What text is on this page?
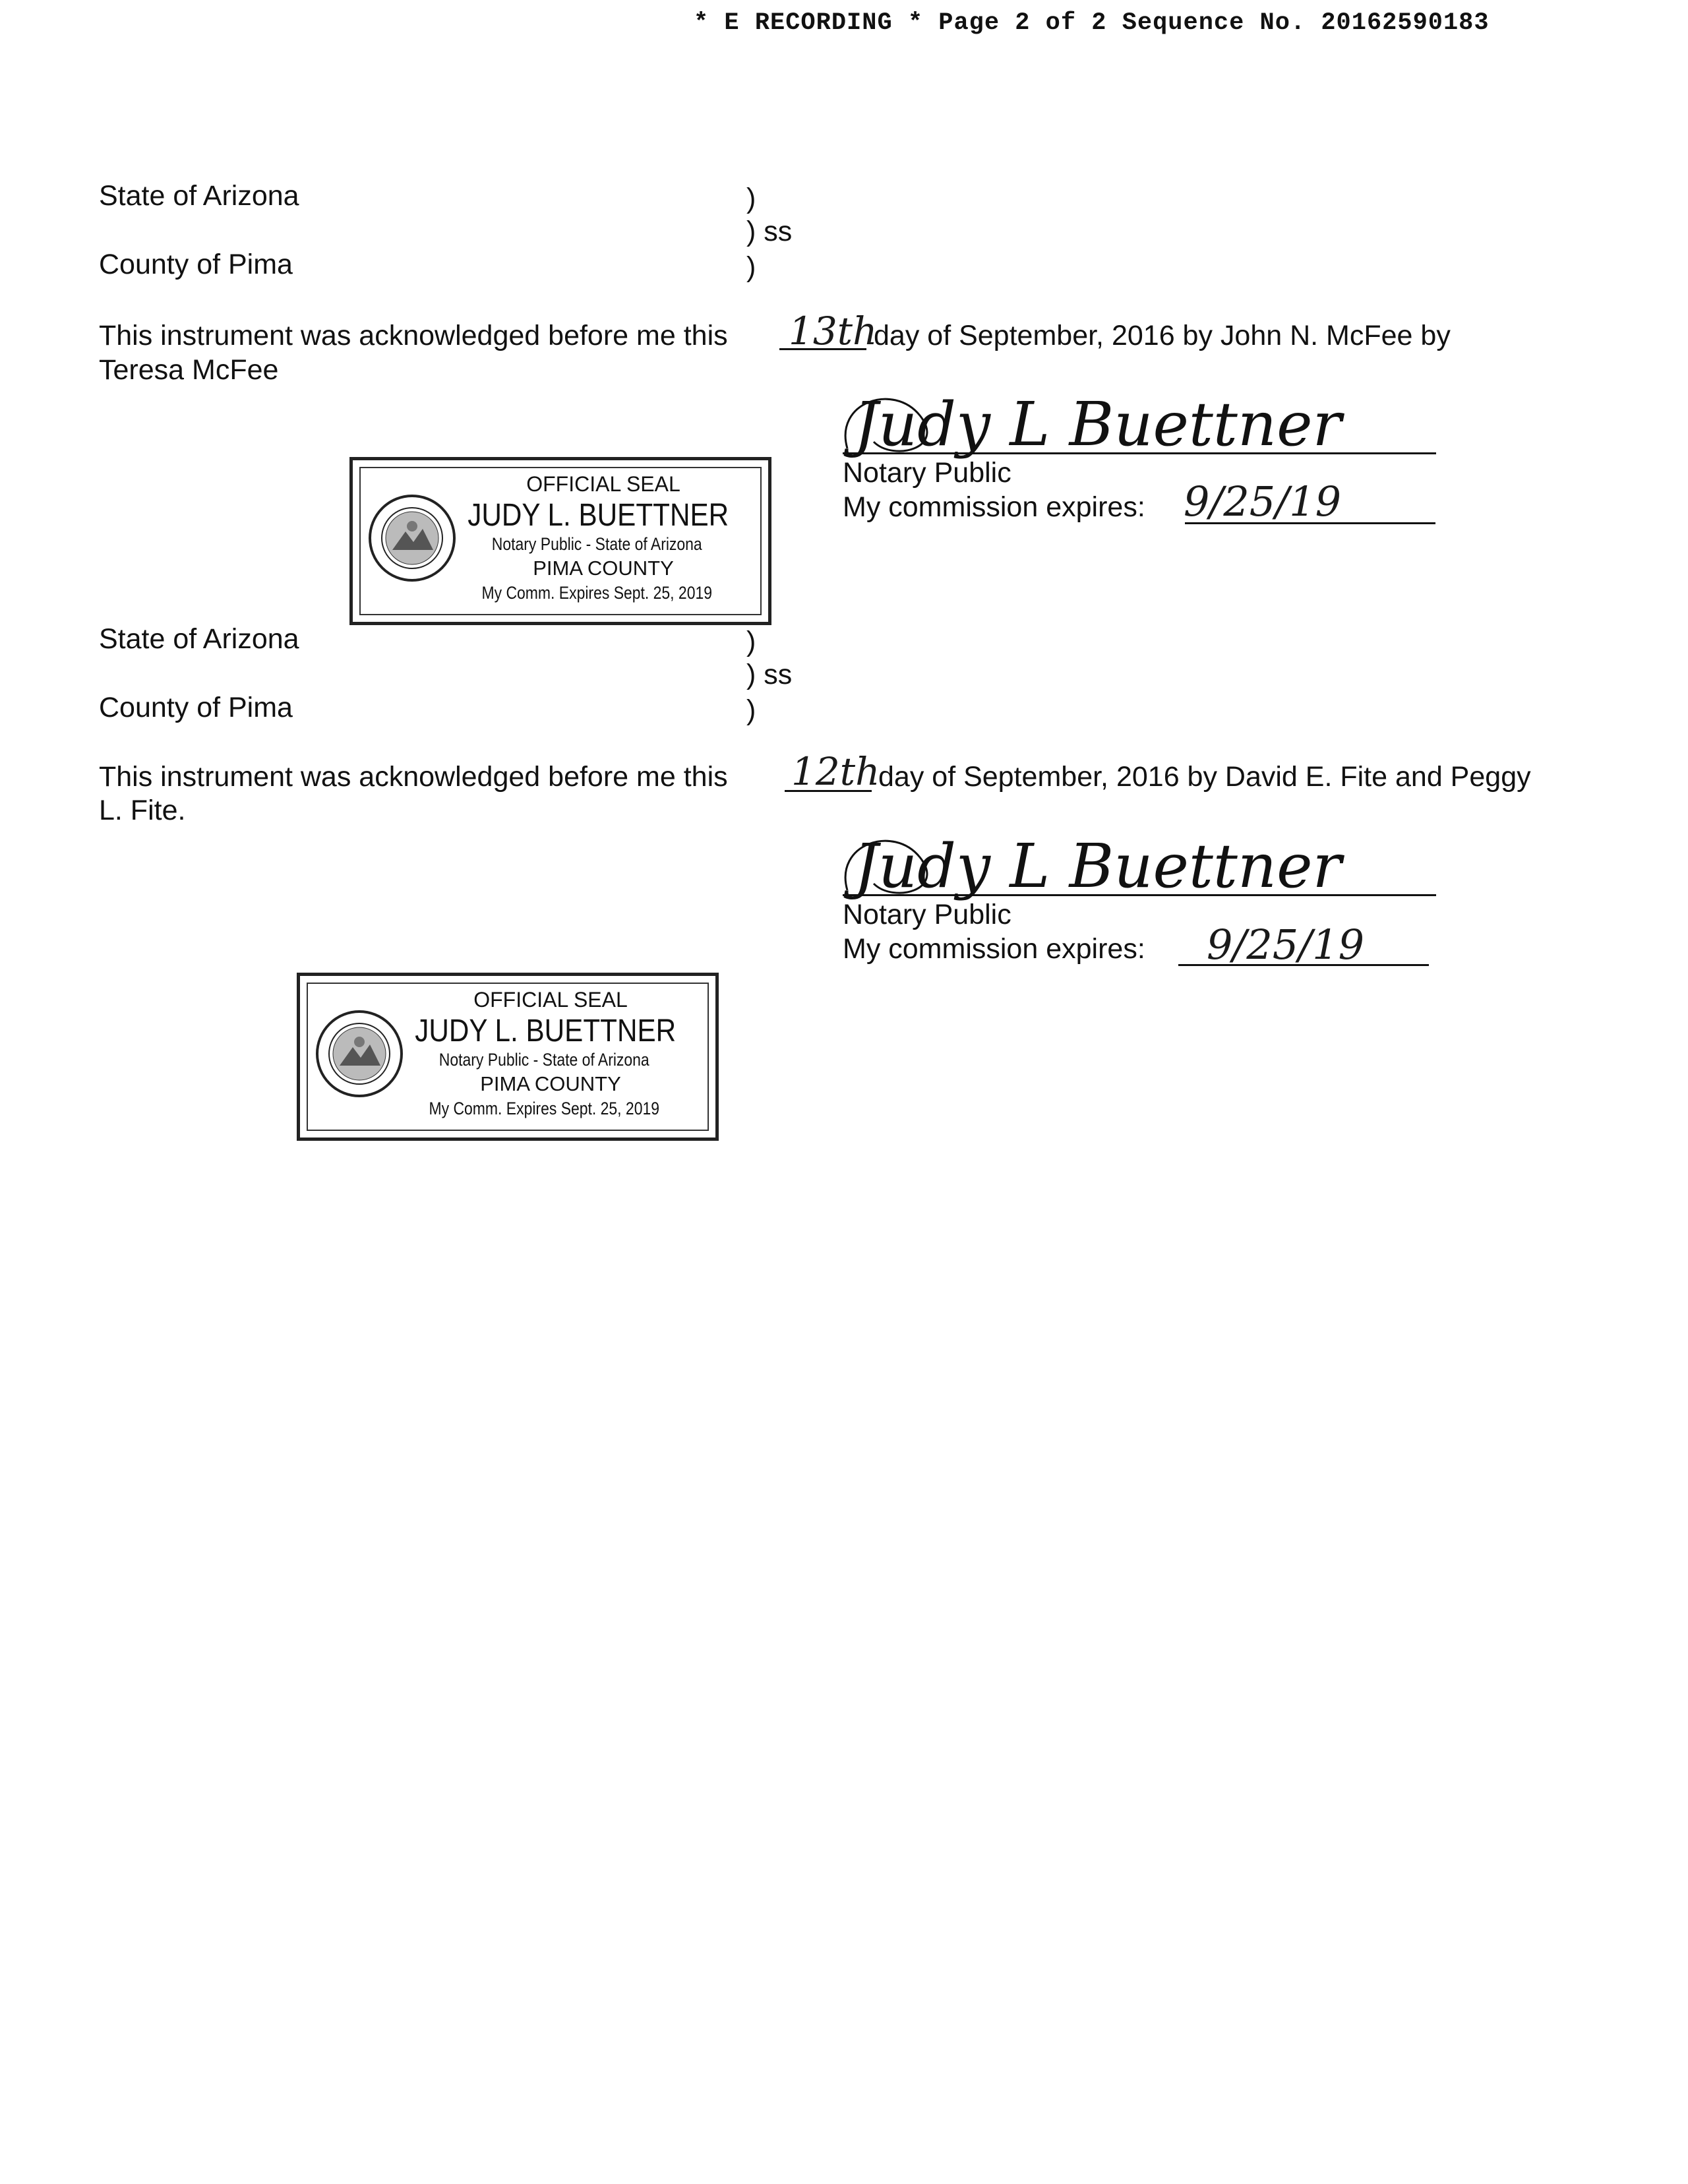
* E RECORDING * Page 2 of 2 Sequence No. 20162590183
State of Arizona	)
) ss
County of Pima	)
This instrument was acknowledged before me this 13th
day of September, 2016 by John N. McFee by
Teresa McFee
Judy L Buettner
Notary Public
My commission expires: 9/25/19
OFFICIAL SEAL
JUDY L. BUETTNER
Notary Public - State of Arizona
PIMA COUNTY
My Comm. Expires Sept. 25, 2019
State of Arizona	)
) ss
County of Pima	)
This instrument was acknowledged before me this 12th
day of September, 2016 by David E. Fite and Peggy
L. Fite.
Judy L Buettner
Notary Public
My commission expires: 9/25/19
OFFICIAL SEAL
JUDY L. BUETTNER
Notary Public - State of Arizona
PIMA COUNTY
My Comm. Expires Sept. 25, 2019
